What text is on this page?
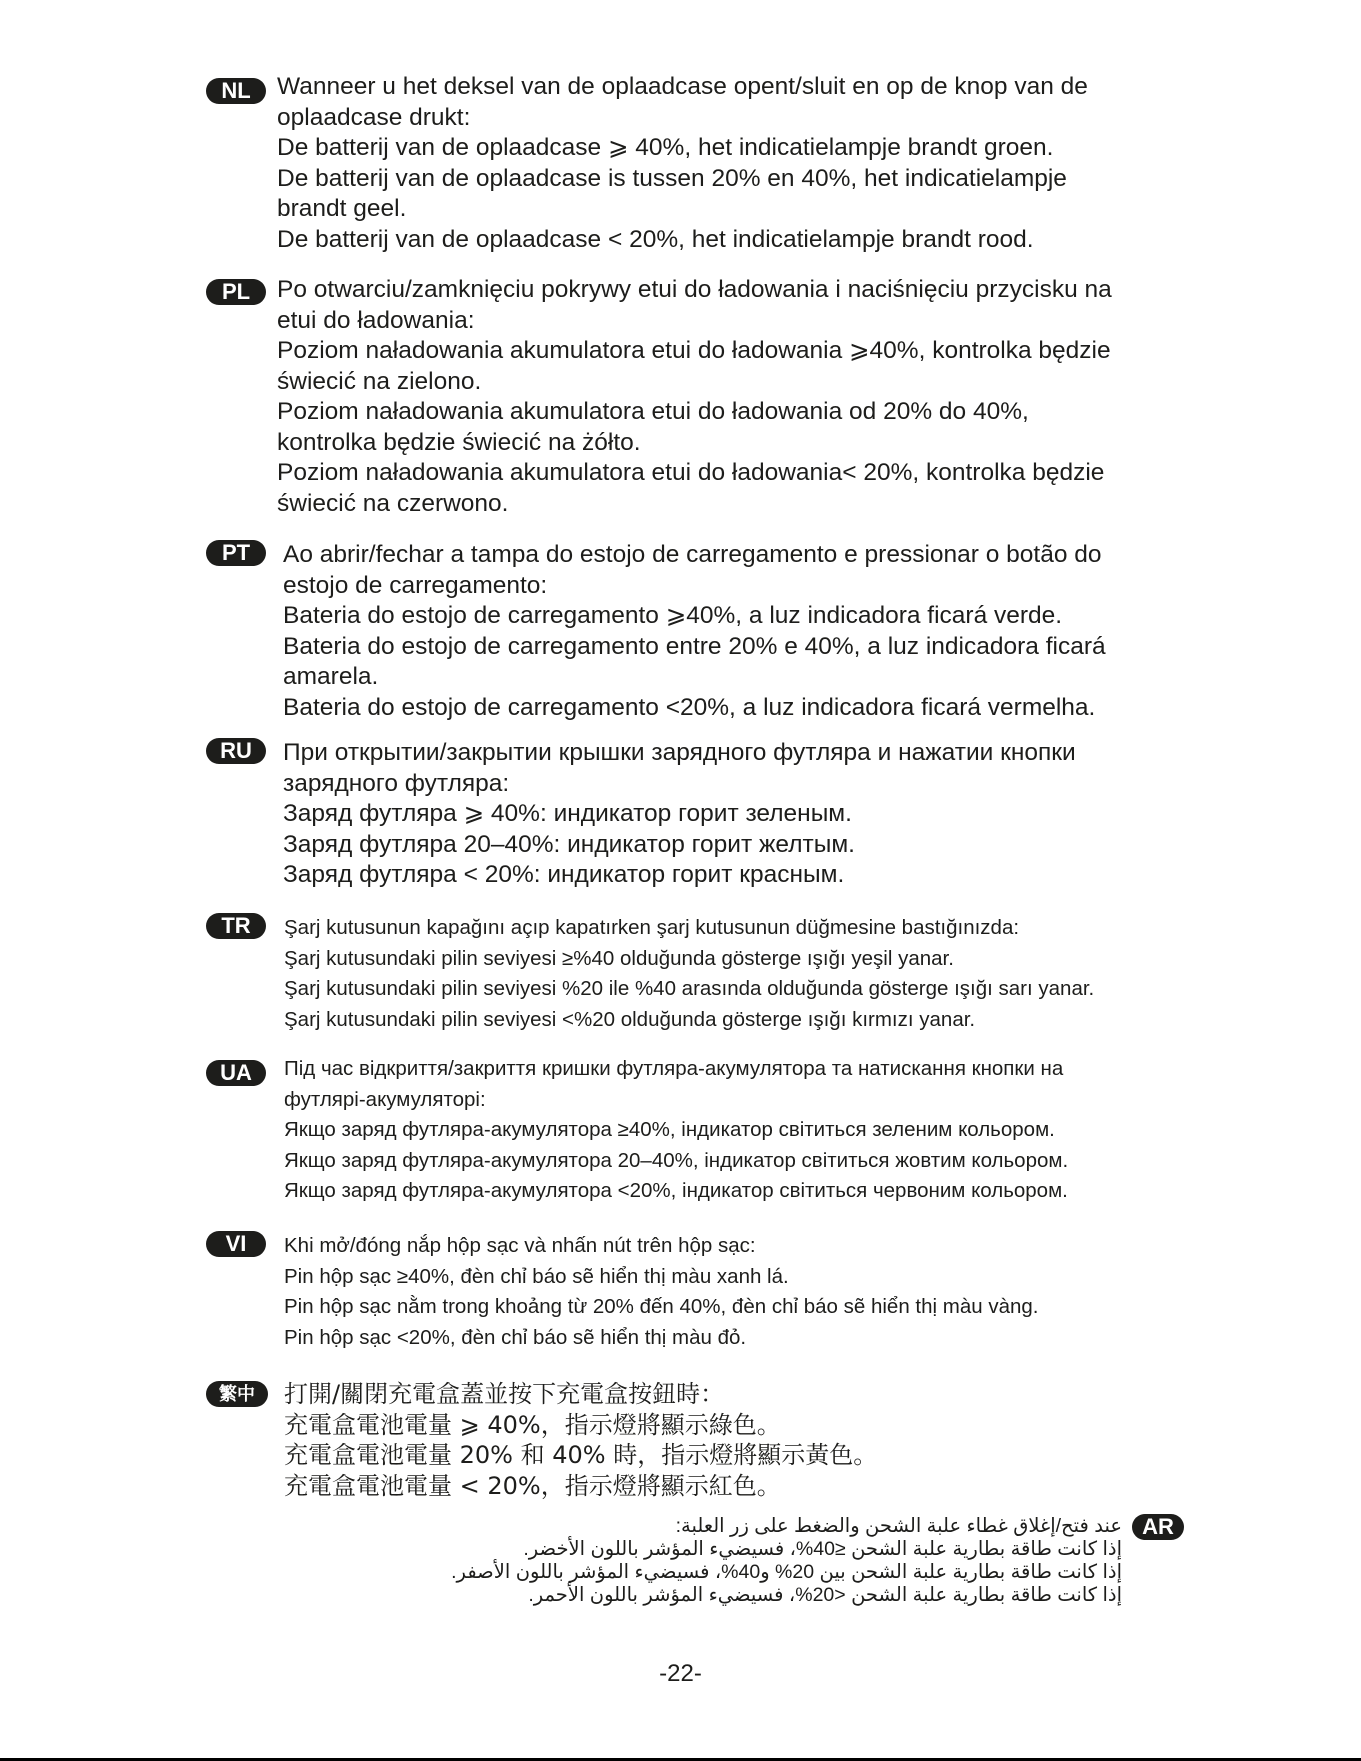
NL	Wanneer u het deksel van de oplaadcase opent/sluit en op de knop van de
oplaadcase drukt:
De batterij van de oplaadcase ⩾ 40%, het indicatielampje brandt groen.
De batterij van de oplaadcase is tussen 20% en 40%, het indicatielampje
brandt geel.
De batterij van de oplaadcase < 20%, het indicatielampje brandt rood.
PL	Po otwarciu/zamknięciu pokrywy etui do ładowania i naciśnięciu przycisku na
etui do ładowania:
Poziom naładowania akumulatora etui do ładowania ⩾40%, kontrolka będzie
świecić na zielono.
Poziom naładowania akumulatora etui do ładowania od 20% do 40%,
kontrolka będzie świecić na żółto.
Poziom naładowania akumulatora etui do ładowania< 20%, kontrolka będzie
świecić na czerwono.
PT	Ao abrir/fechar a tampa do estojo de carregamento e pressionar o botão do
estojo de carregamento:
Bateria do estojo de carregamento ⩾40%, a luz indicadora ficará verde.
Bateria do estojo de carregamento entre 20% e 40%, a luz indicadora ficará
amarela.
Bateria do estojo de carregamento <20%, a luz indicadora ficará vermelha.
RU	При открытии/закрытии крышки зарядного футляра и нажатии кнопки
зарядного футляра:
Заряд футляра ⩾ 40%: индикатор горит зеленым.
Заряд футляра 20–40%: индикатор горит желтым.
Заряд футляра < 20%: индикатор горит красным.
TR	Şarj kutusunun kapağını açıp kapatırken şarj kutusunun düğmesine bastığınızda:
Şarj kutusundaki pilin seviyesi ≥%40 olduğunda gösterge ışığı yeşil yanar.
Şarj kutusundaki pilin seviyesi %20 ile %40 arasında olduğunda gösterge ışığı sarı yanar.
Şarj kutusundaki pilin seviyesi <%20 olduğunda gösterge ışığı kırmızı yanar.
UA	Під час відкриття/закриття кришки футляра-акумулятора та натискання кнопки на
футлярі-акумуляторі:
Якщо заряд футляра-акумулятора ≥40%, індикатор світиться зеленим кольором.
Якщо заряд футляра-акумулятора 20–40%, індикатор світиться жовтим кольором.
Якщо заряд футляра-акумулятора <20%, індикатор світиться червоним кольором.
VI	Khi mở/đóng nắp hộp sạc và nhấn nút trên hộp sạc:
Pin hộp sạc ≥40%, đèn chỉ báo sẽ hiển thị màu xanh lá.
Pin hộp sạc nằm trong khoảng từ 20% đến 40%, đèn chỉ báo sẽ hiển thị màu vàng.
Pin hộp sạc <20%, đèn chỉ báo sẽ hiển thị màu đỏ.
繁中	打開/關閉充電盒蓋並按下充電盒按鈕時：
充電盒電池電量 ⩾ 40%，指示燈將顯示綠色。
充電盒電池電量 20% 和 40% 時，指示燈將顯示黃色。
充電盒電池電量 < 20%，指示燈將顯示紅色。
AR
عند فتح/إغلاق غطاء علبة الشحن والضغط على زر العلبة:
إذا كانت طاقة بطارية علبة الشحن ≤40%، فسيضيء المؤشر باللون الأخضر.
إذا كانت طاقة بطارية علبة الشحن بين 20% و40%، فسيضيء المؤشر باللون الأصفر.
إذا كانت طاقة بطارية علبة الشحن <20%، فسيضيء المؤشر باللون الأحمر.
-22-
